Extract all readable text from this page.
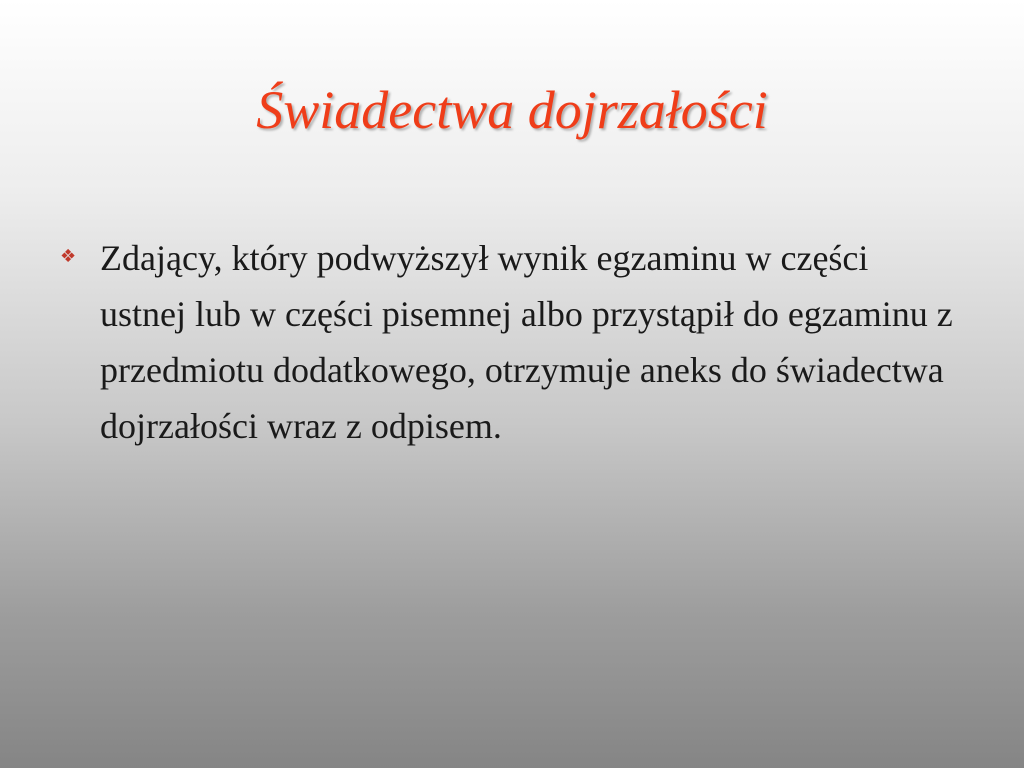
Świadectwa dojrzałości
❖ Zdający, który podwyższył wynik egzaminu w części ustnej lub w części pisemnej albo przystąpił do egzaminu z przedmiotu dodatkowego, otrzymuje aneks do świadectwa dojrzałości wraz z odpisem.
